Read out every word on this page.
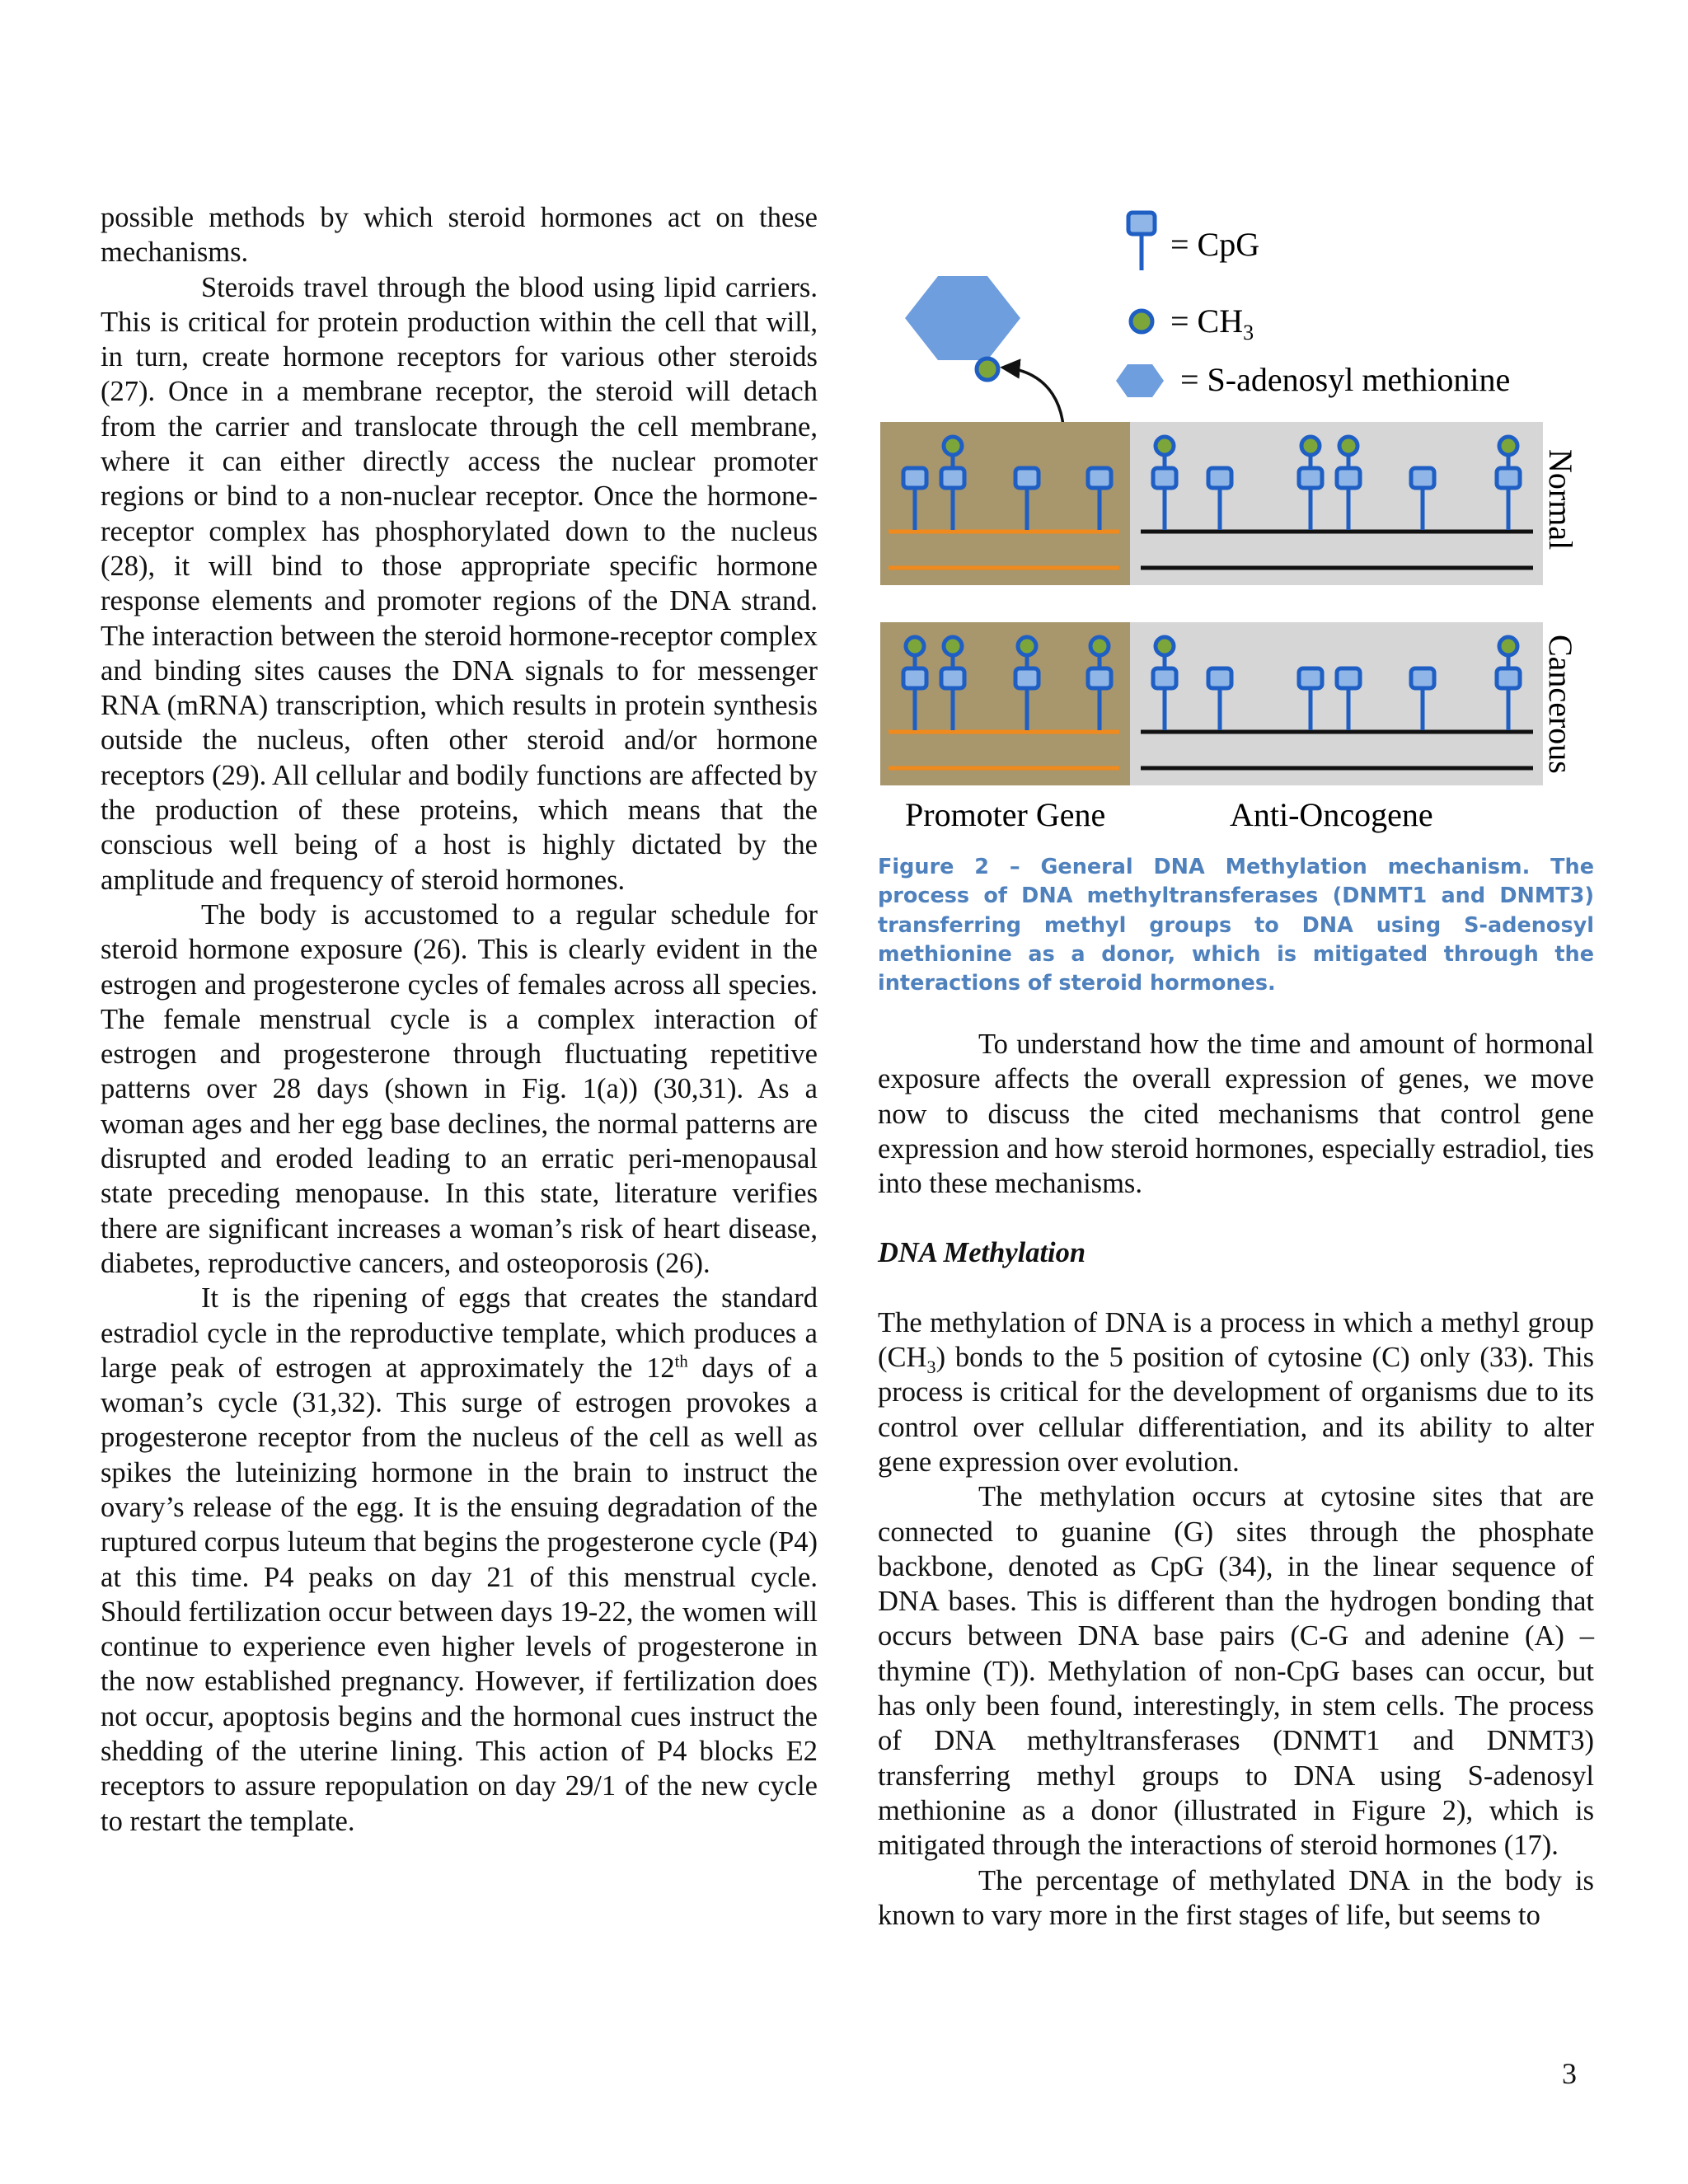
possible methods by which steroid hormones act on these mechanisms.

Steroids travel through the blood using lipid carriers. This is critical for protein production within the cell that will, in turn, create hormone receptors for various other steroids (27). Once in a membrane receptor, the steroid will detach from the carrier and translocate through the cell membrane, where it can either directly access the nuclear promoter regions or bind to a non-nuclear receptor. Once the hormone-receptor complex has phosphorylated down to the nucleus (28), it will bind to those appropriate specific hormone response elements and promoter regions of the DNA strand. The interaction between the steroid hormone-receptor complex and binding sites causes the DNA signals to for messenger RNA (mRNA) transcription, which results in protein synthesis outside the nucleus, often other steroid and/or hormone receptors (29). All cellular and bodily functions are affected by the production of these proteins, which means that the conscious well being of a host is highly dictated by the amplitude and frequency of steroid hormones.

The body is accustomed to a regular schedule for steroid hormone exposure (26). This is clearly evident in the estrogen and progesterone cycles of females across all species. The female menstrual cycle is a complex interaction of estrogen and progesterone through fluctuating repetitive patterns over 28 days (shown in Fig. 1(a)) (30,31). As a woman ages and her egg base declines, the normal patterns are disrupted and eroded leading to an erratic peri-menopausal state preceding menopause. In this state, literature verifies there are significant increases a woman’s risk of heart disease, diabetes, reproductive cancers, and osteoporosis (26).

It is the ripening of eggs that creates the standard estradiol cycle in the reproductive template, which produces a large peak of estrogen at approximately the 12th days of a woman’s cycle (31,32). This surge of estrogen provokes a progesterone receptor from the nucleus of the cell as well as spikes the luteinizing hormone in the brain to instruct the ovary’s release of the egg. It is the ensuing degradation of the ruptured corpus luteum that begins the progesterone cycle (P4) at this time. P4 peaks on day 21 of this menstrual cycle. Should fertilization occur between days 19-22, the women will continue to experience even higher levels of progesterone in the now established pregnancy. However, if fertilization does not occur, apoptosis begins and the hormonal cues instruct the shedding of the uterine lining. This action of P4 blocks E2 receptors to assure repopulation on day 29/1 of the new cycle to restart the template.

= CpG
= $CH_3$
= S-adenosyl methionine
Normal
Cancerous
Promoter Gene	Anti-Oncogene
Figure 2 – General DNA Methylation mechanism. The process of DNA methyltransferases (DNMT1 and DNMT3) transferring methyl groups to DNA using S-adenosyl methionine as a donor, which is mitigated through the interactions of steroid hormones.

To understand how the time and amount of hormonal exposure affects the overall expression of genes, we move now to discuss the cited mechanisms that control gene expression and how steroid hormones, especially estradiol, ties into these mechanisms.

DNA Methylation

The methylation of DNA is a process in which a methyl group $(CH_3)$ bonds to the 5 position of cytosine (C) only (33). This process is critical for the development of organisms due to its control over cellular differentiation, and its ability to alter gene expression over evolution.

The methylation occurs at cytosine sites that are connected to guanine (G) sites through the phosphate backbone, denoted as CpG (34), in the linear sequence of DNA bases. This is different than the hydrogen bonding that occurs between DNA base pairs (C-G and adenine (A) –thymine (T)). Methylation of non-CpG bases can occur, but has only been found, interestingly, in stem cells. The process of DNA methyltransferases (DNMT1 and DNMT3) transferring methyl groups to DNA using S-adenosyl methionine as a donor (illustrated in Figure 2), which is mitigated through the interactions of steroid hormones (17).

The percentage of methylated DNA in the body is known to vary more in the first stages of life, but seems to

3
